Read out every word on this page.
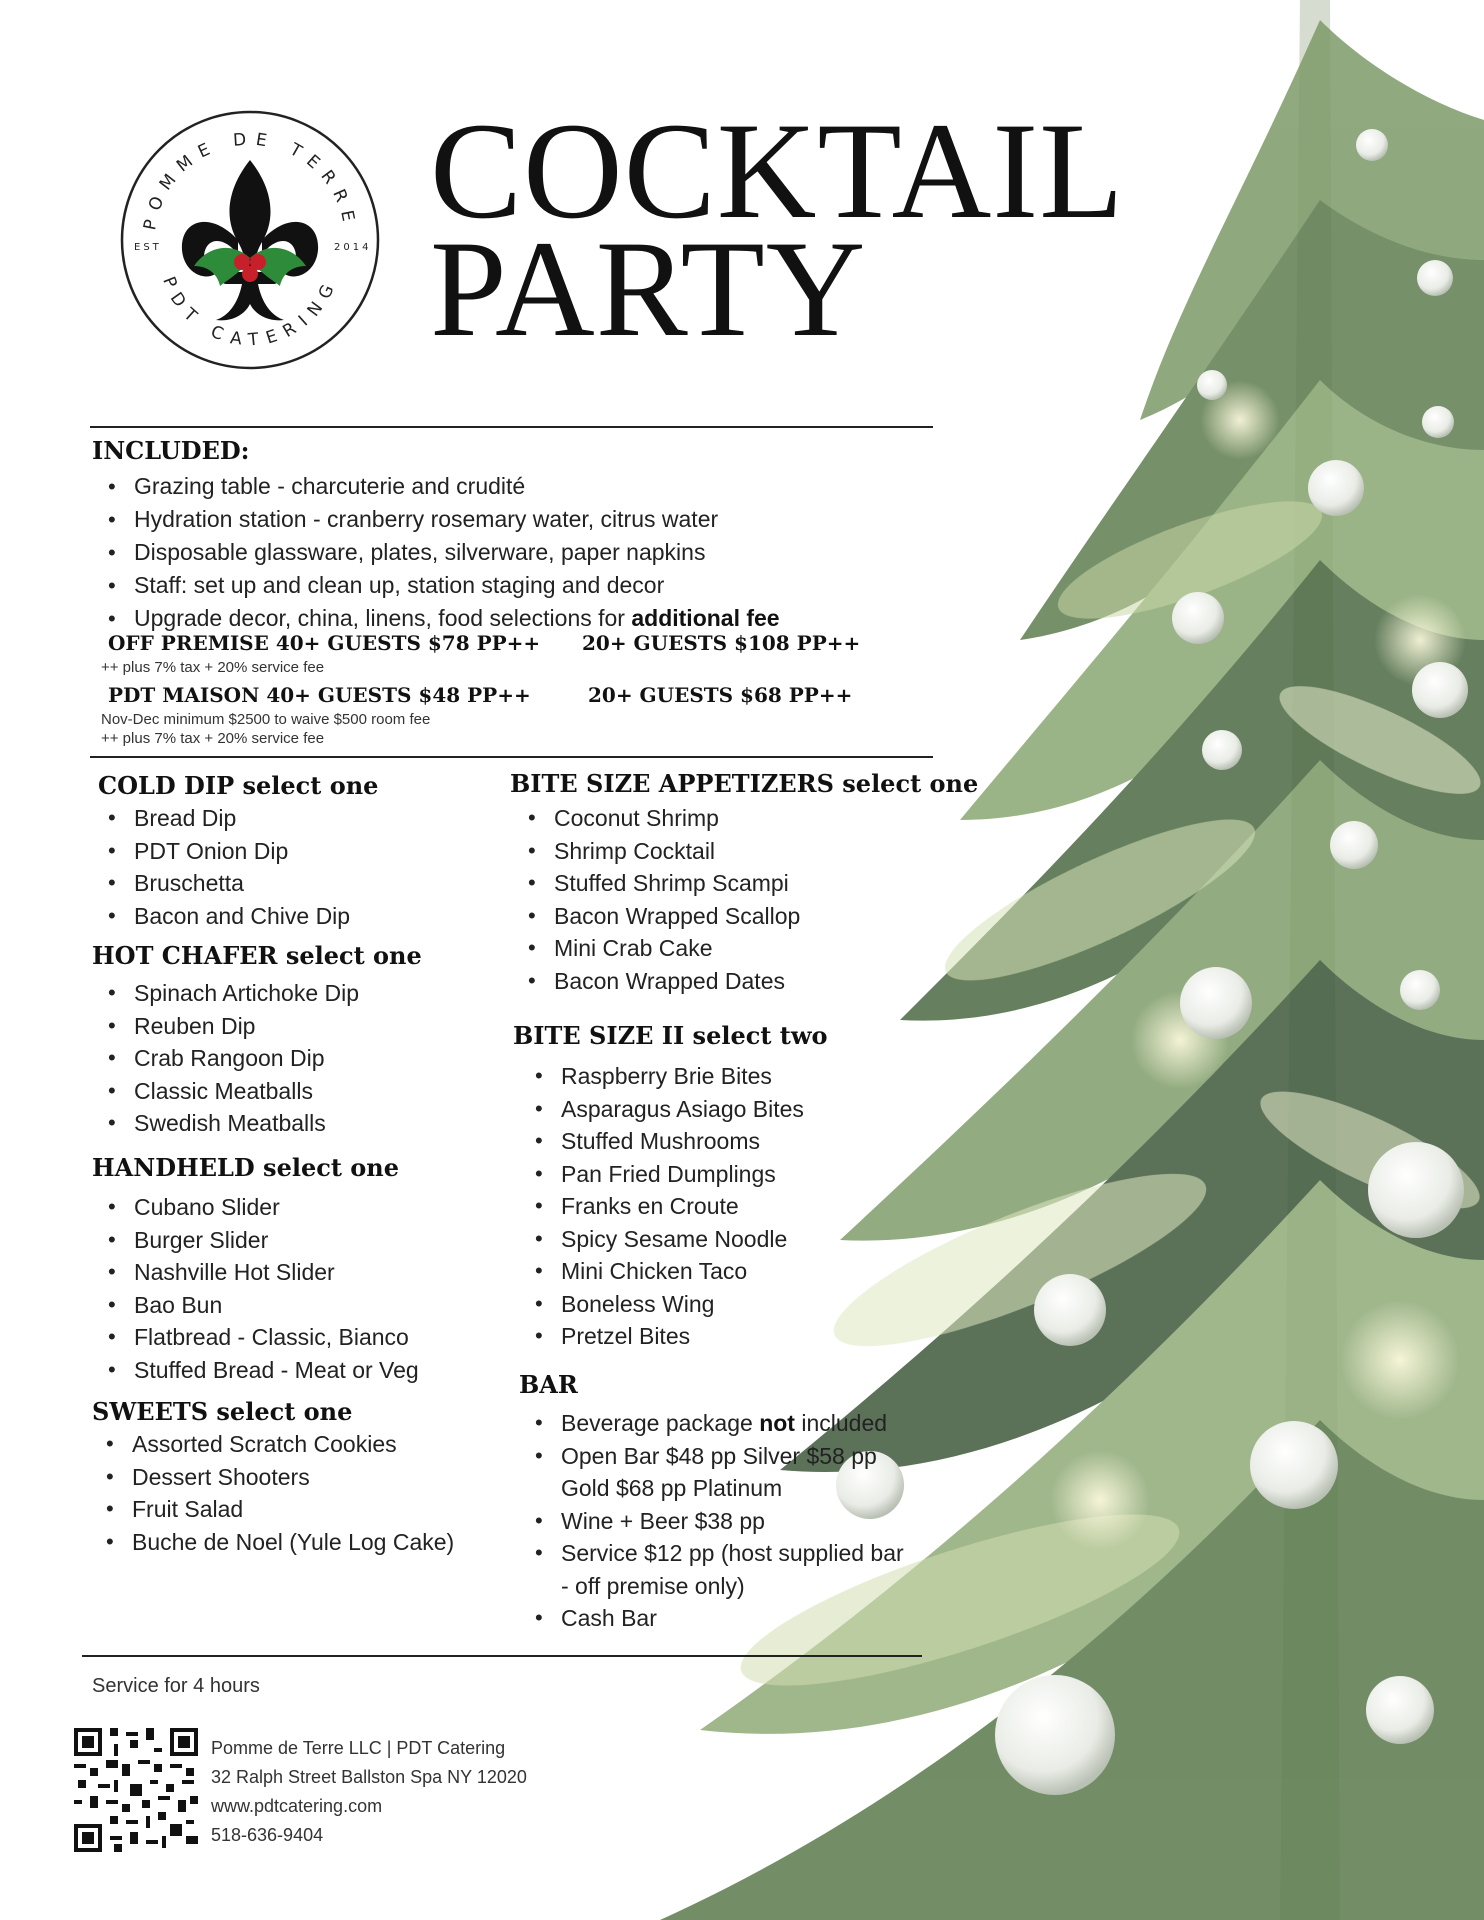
POMME DE TERRE
PDT CATERING
EST	2014
COCKTAIL
PARTY
INCLUDED:
• Grazing table - charcuterie and crudité
• Hydration station - cranberry rosemary water, citrus water
• Disposable glassware, plates, silverware, paper napkins
• Staff: set up and clean up, station staging and decor
• Upgrade decor, china, linens, food selections for additional fee
OFF PREMISE 40+ GUESTS $78 PP++ 20+ GUESTS $108 PP++
++ plus 7% tax + 20% service fee
PDT MAISON 40+ GUESTS $48 PP++	20+ GUESTS $68 PP++
Nov-Dec minimum $2500 to waive $500 room fee
++ plus 7% tax + 20% service fee
COLD DIP select one
• Bread Dip
• PDT Onion Dip
• Bruschetta
• Bacon and Chive Dip
HOT CHAFER select one
• Spinach Artichoke Dip
• Reuben Dip
• Crab Rangoon Dip
• Classic Meatballs
• Swedish Meatballs
HANDHELD select one
• Cubano Slider
• Burger Slider
• Nashville Hot Slider
• Bao Bun
• Flatbread - Classic, Bianco
• Stuffed Bread - Meat or Veg
SWEETS select one
• Assorted Scratch Cookies
• Dessert Shooters
• Fruit Salad
• Buche de Noel (Yule Log Cake)
BITE SIZE APPETIZERS select one
• Coconut Shrimp
• Shrimp Cocktail
• Stuffed Shrimp Scampi
• Bacon Wrapped Scallop
• Mini Crab Cake
• Bacon Wrapped Dates
BITE SIZE II select two
• Raspberry Brie Bites
• Asparagus Asiago Bites
• Stuffed Mushrooms
• Pan Fried Dumplings
• Franks en Croute
• Spicy Sesame Noodle
• Mini Chicken Taco
• Boneless Wing
• Pretzel Bites
BAR
• Beverage package not included
• Open Bar $48 pp Silver $58 pp
Gold $68 pp Platinum
• Wine + Beer $38 pp
• Service $12 pp (host supplied bar
- off premise only)
• Cash Bar
Service for 4 hours
Pomme de Terre LLC | PDT Catering
32 Ralph Street Ballston Spa NY 12020
www.pdtcatering.com
518-636-9404
